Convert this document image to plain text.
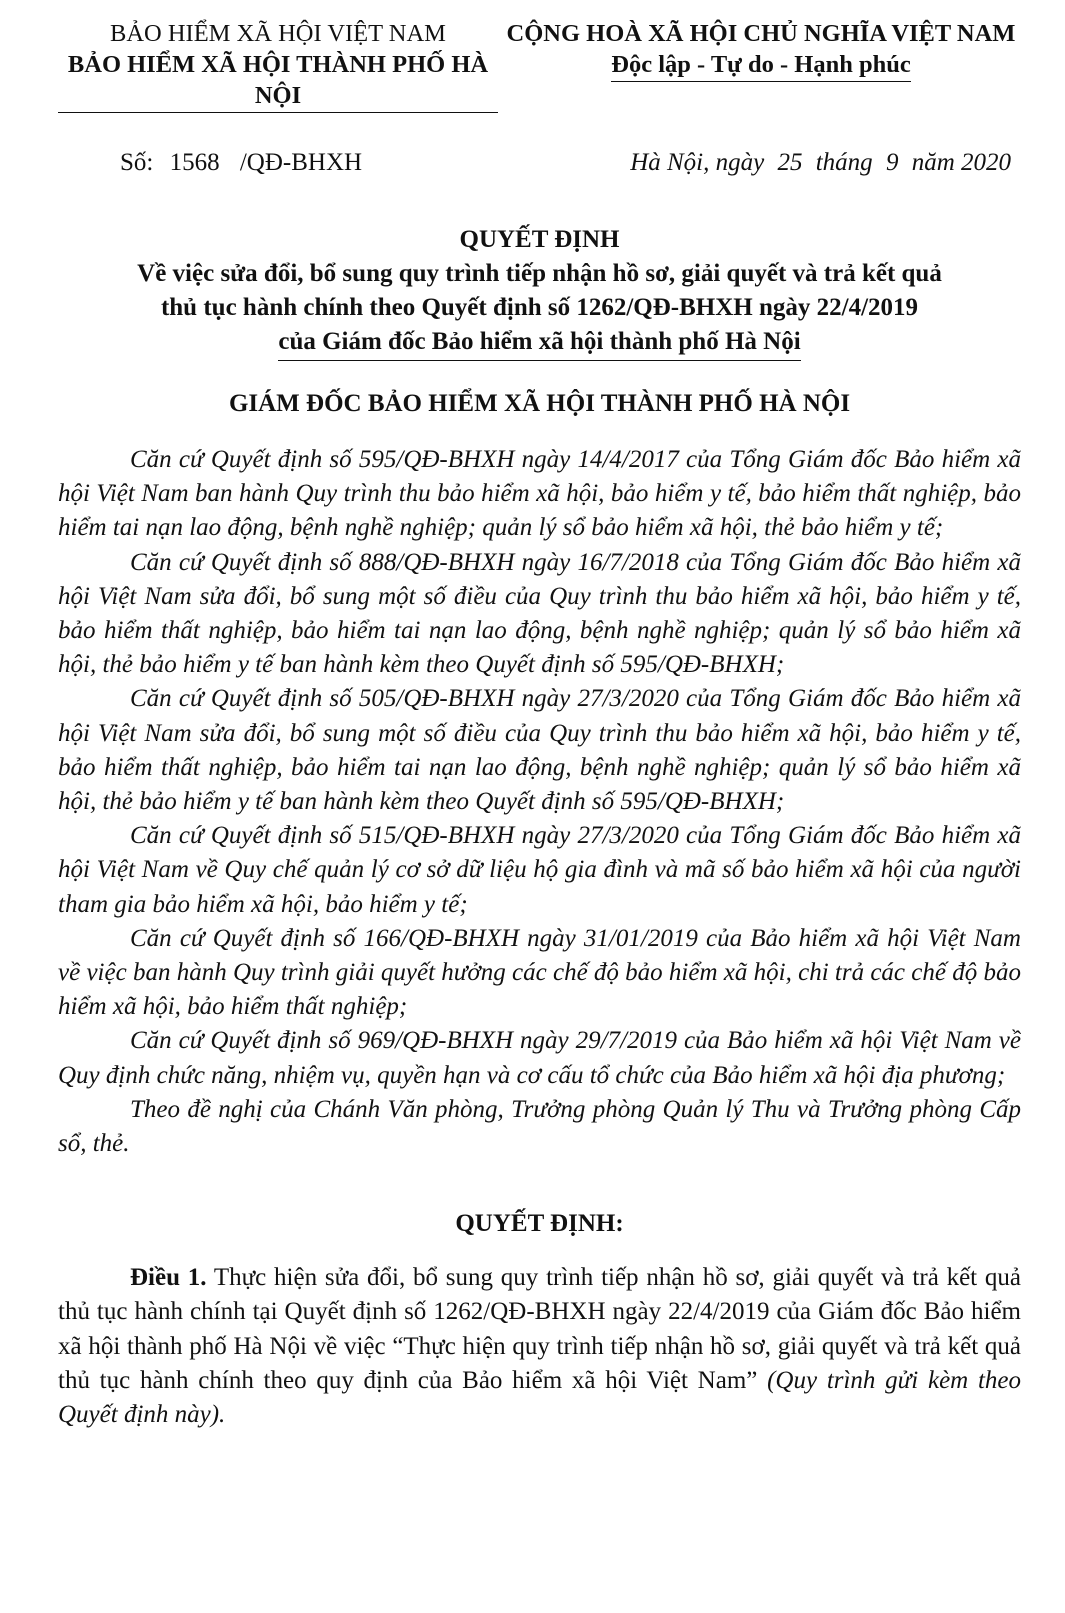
BẢO HIỂM XÃ HỘI VIỆT NAM
BẢO HIỂM XÃ HỘI THÀNH PHỐ HÀ NỘI
CỘNG HOÀ XÃ HỘI CHỦ NGHĨA VIỆT NAM
Độc lập - Tự do - Hạnh phúc
Số: 1568 /QĐ-BHXH	Hà Nội, ngày 25 tháng 9 năm 2020
QUYẾT ĐỊNH
Về việc sửa đổi, bổ sung quy trình tiếp nhận hồ sơ, giải quyết và trả kết quả
thủ tục hành chính theo Quyết định số 1262/QĐ-BHXH ngày 22/4/2019
của Giám đốc Bảo hiểm xã hội thành phố Hà Nội
GIÁM ĐỐC BẢO HIỂM XÃ HỘI THÀNH PHỐ HÀ NỘI

Căn cứ Quyết định số 595/QĐ-BHXH ngày 14/4/2017 của Tổng Giám đốc Bảo hiểm xã hội Việt Nam ban hành Quy trình thu bảo hiểm xã hội, bảo hiểm y tế, bảo hiểm thất nghiệp, bảo hiểm tai nạn lao động, bệnh nghề nghiệp; quản lý sổ bảo hiểm xã hội, thẻ bảo hiểm y tế;

Căn cứ Quyết định số 888/QĐ-BHXH ngày 16/7/2018 của Tổng Giám đốc Bảo hiểm xã hội Việt Nam sửa đổi, bổ sung một số điều của Quy trình thu bảo hiểm xã hội, bảo hiểm y tế, bảo hiểm thất nghiệp, bảo hiểm tai nạn lao động, bệnh nghề nghiệp; quản lý sổ bảo hiểm xã hội, thẻ bảo hiểm y tế ban hành kèm theo Quyết định số 595/QĐ-BHXH;

Căn cứ Quyết định số 505/QĐ-BHXH ngày 27/3/2020 của Tổng Giám đốc Bảo hiểm xã hội Việt Nam sửa đổi, bổ sung một số điều của Quy trình thu bảo hiểm xã hội, bảo hiểm y tế, bảo hiểm thất nghiệp, bảo hiểm tai nạn lao động, bệnh nghề nghiệp; quản lý sổ bảo hiểm xã hội, thẻ bảo hiểm y tế ban hành kèm theo Quyết định số 595/QĐ-BHXH;

Căn cứ Quyết định số 515/QĐ-BHXH ngày 27/3/2020 của Tổng Giám đốc Bảo hiểm xã hội Việt Nam về Quy chế quản lý cơ sở dữ liệu hộ gia đình và mã số bảo hiểm xã hội của người tham gia bảo hiểm xã hội, bảo hiểm y tế;

Căn cứ Quyết định số 166/QĐ-BHXH ngày 31/01/2019 của Bảo hiểm xã hội Việt Nam về việc ban hành Quy trình giải quyết hưởng các chế độ bảo hiểm xã hội, chi trả các chế độ bảo hiểm xã hội, bảo hiểm thất nghiệp;

Căn cứ Quyết định số 969/QĐ-BHXH ngày 29/7/2019 của Bảo hiểm xã hội Việt Nam về Quy định chức năng, nhiệm vụ, quyền hạn và cơ cấu tổ chức của Bảo hiểm xã hội địa phương;

Theo đề nghị của Chánh Văn phòng, Trưởng phòng Quản lý Thu và Trưởng phòng Cấp sổ, thẻ.

QUYẾT ĐỊNH:
Điều 1. Thực hiện sửa đổi, bổ sung quy trình tiếp nhận hồ sơ, giải quyết và trả kết quả thủ tục hành chính tại Quyết định số 1262/QĐ-BHXH ngày 22/4/2019 của Giám đốc Bảo hiểm xã hội thành phố Hà Nội về việc “Thực hiện quy trình tiếp nhận hồ sơ, giải quyết và trả kết quả thủ tục hành chính theo quy định của Bảo hiểm xã hội Việt Nam” (Quy trình gửi kèm theo Quyết định này).
